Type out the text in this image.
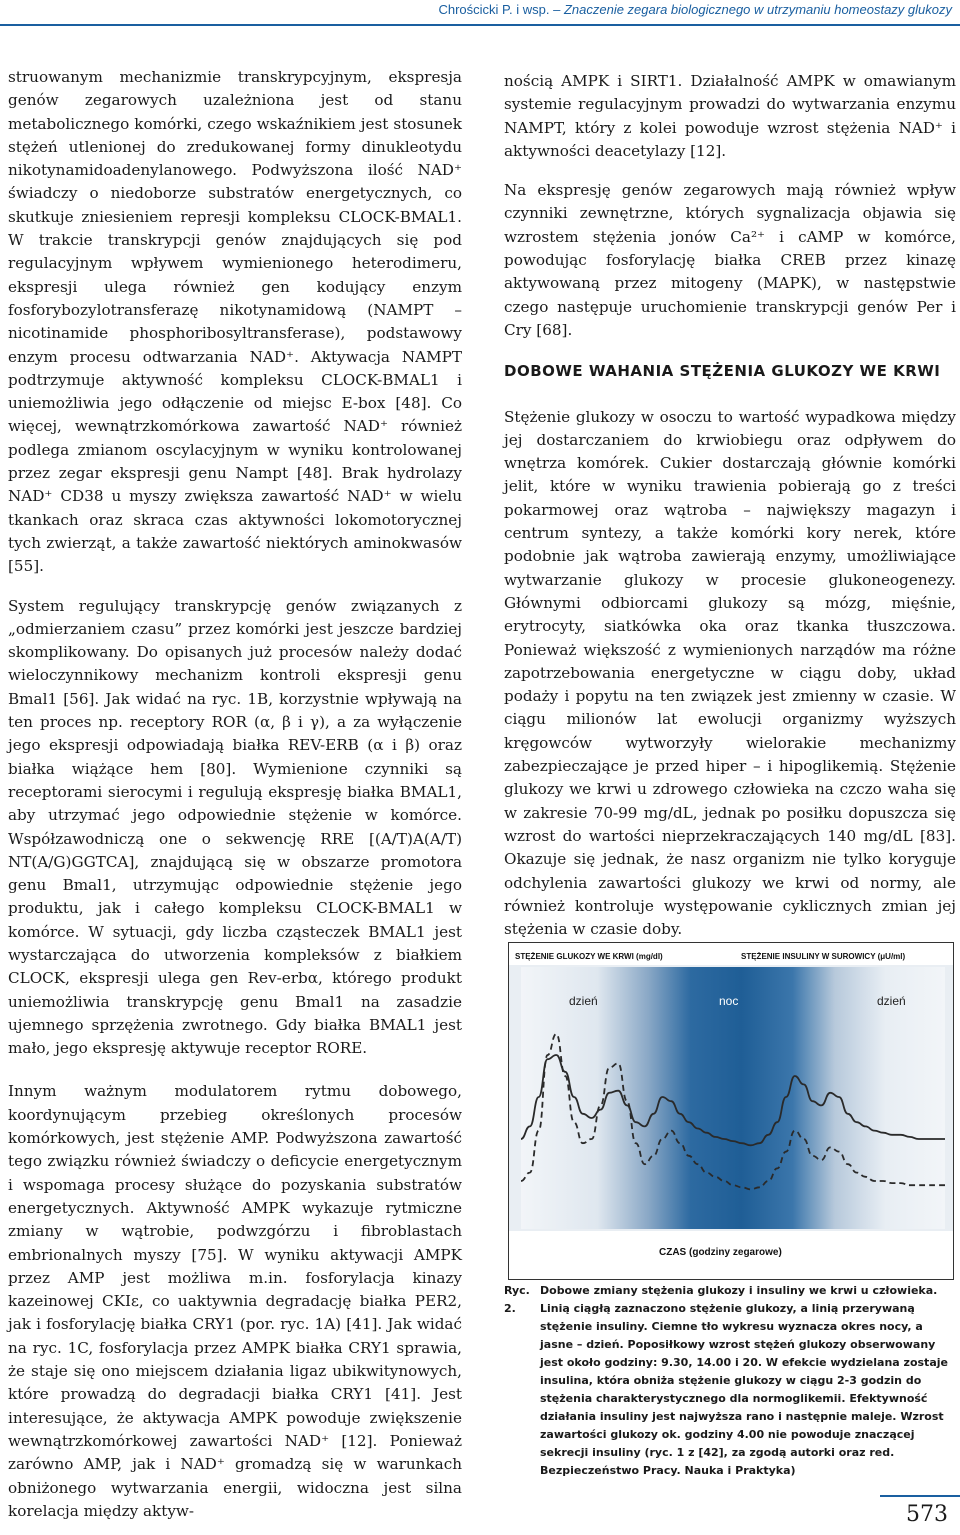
Chrościcki P. i wsp. – Znaczenie zegara biologicznego w utrzymaniu homeostazy glukozy

struowanym mechanizmie transkrypcyjnym, ekspresja genów zegarowych uzależniona jest od stanu metabolicznego komórki, czego wskaźnikiem jest stosunek stężeń utlenionej do zredukowanej formy dinukleotydu nikotynamidoadenylanowego. Podwyższona ilość NAD⁺ świadczy o niedoborze substratów energetycznych, co skutkuje zniesieniem represji kompleksu CLOCK-BMAL1. W trakcie transkrypcji genów znajdujących się pod regulacyjnym wpływem wymienionego heterodimeru, ekspresji ulega również gen kodujący enzym fosforybozylotransferazę nikotynamidową (NAMPT – nicotinamide phosphoribosyltransferase), podstawowy enzym procesu odtwarzania NAD⁺. Aktywacja NAMPT podtrzymuje aktywność kompleksu CLOCK-BMAL1 i uniemożliwia jego odłączenie od miejsc E-box [48]. Co więcej, wewnątrzkomórkowa zawartość NAD⁺ również podlega zmianom oscylacyjnym w wyniku kontrolowanej przez zegar ekspresji genu Nampt [48]. Brak hydrolazy NAD⁺ CD38 u myszy zwiększa zawartość NAD⁺ w wielu tkankach oraz skraca czas aktywności lokomotorycznej tych zwierząt, a także zawartość niektórych aminokwasów [55].

System regulujący transkrypcję genów związanych z „odmierzaniem czasu” przez komórki jest jeszcze bardziej skomplikowany. Do opisanych już procesów należy dodać wieloczynnikowy mechanizm kontroli ekspresji genu Bmal1 [56]. Jak widać na ryc. 1B, korzystnie wpływają na ten proces np. receptory ROR (α, β i γ), a za wyłączenie jego ekspresji odpowiadają białka REV-ERB (α i β) oraz białka wiążące hem [80]. Wymienione czynniki są receptorami sierocymi i regulują ekspresję białka BMAL1, aby utrzymać jego odpowiednie stężenie w komórce. Współzawodniczą one o sekwencję RRE [(A/T)A(A/T) NT(A/G)GGTCA], znajdującą się w obszarze promotora genu Bmal1, utrzymując odpowiednie stężenie jego produktu, jak i całego kompleksu CLOCK-BMAL1 w komórce. W sytuacji, gdy liczba cząsteczek BMAL1 jest wystarczająca do utworzenia kompleksów z białkiem CLOCK, ekspresji ulega gen Rev-erbα, którego produkt uniemożliwia transkrypcję genu Bmal1 na zasadzie ujemnego sprzężenia zwrotnego. Gdy białka BMAL1 jest mało, jego ekspresję aktywuje receptor RORE.

Innym ważnym modulatorem rytmu dobowego, koordynującym przebieg określonych procesów komórkowych, jest stężenie AMP. Podwyższona zawartość tego związku również świadczy o deficycie energetycznym i wspomaga procesy służące do pozyskania substratów energetycznych. Aktywność AMPK wykazuje rytmiczne zmiany w wątrobie, podwzgórzu i fibroblastach embrionalnych myszy [75]. W wyniku aktywacji AMPK przez AMP jest możliwa m.in. fosforylacja kinazy kazeinowej CKIε, co uaktywnia degradację białka PER2, jak i fosforylację białka CRY1 (por. ryc. 1A) [41]. Jak widać na ryc. 1C, fosforylacja przez AMPK białka CRY1 sprawia, że staje się ono miejscem działania ligaz ubikwitynowych, które prowadzą do degradacji białka CRY1 [41]. Jest interesujące, że aktywacja AMPK powoduje zwiększenie wewnątrzkomórkowej zawartości NAD⁺ [12]. Ponieważ zarówno AMP, jak i NAD⁺ gromadzą się w warunkach obniżonego wytwarzania energii, widoczna jest silna korelacja między aktyw-

nością AMPK i SIRT1. Działalność AMPK w omawianym systemie regulacyjnym prowadzi do wytwarzania enzymu NAMPT, który z kolei powoduje wzrost stężenia NAD⁺ i aktywności deacetylazy [12].

Na ekspresję genów zegarowych mają również wpływ czynniki zewnętrzne, których sygnalizacja objawia się wzrostem stężenia jonów Ca²⁺ i cAMP w komórce, powodując fosforylację białka CREB przez kinazę aktywowaną przez mitogeny (MAPK), w następstwie czego następuje uruchomienie transkrypcji genów Per i Cry [68].

DOBOWE WAHANIA STĘŻENIA GLUKOZY WE KRWI

Stężenie glukozy w osoczu to wartość wypadkowa między jej dostarczaniem do krwiobiegu oraz odpływem do wnętrza komórek. Cukier dostarczają głównie komórki jelit, które w wyniku trawienia pobierają go z treści pokarmowej oraz wątroba – największy magazyn i centrum syntezy, a także komórki kory nerek, które podobnie jak wątroba zawierają enzymy, umożliwiające wytwarzanie glukozy w procesie glukoneogenezy. Głównymi odbiorcami glukozy są mózg, mięśnie, erytrocyty, siatkówka oka oraz tkanka tłuszczowa. Ponieważ większość z wymienionych narządów ma różne zapotrzebowania energetyczne w ciągu doby, układ podaży i popytu na ten związek jest zmienny w czasie. W ciągu milionów lat ewolucji organizmy wyższych kręgowców wytworzyły wielorakie mechanizmy zabezpieczające je przed hiper – i hipoglikemią. Stężenie glukozy we krwi u zdrowego człowieka na czczo waha się w zakresie 70-99 mg/dL, jednak po posiłku dopuszcza się wzrost do wartości nieprzekraczających 140 mg/dL [83]. Okazuje się jednak, że nasz organizm nie tylko koryguje odchylenia zawartości glukozy we krwi od normy, ale również kontroluje występowanie cyklicznych zmian jej stężenia w czasie doby.

STĘŻENIE GLUKOZY WE KRWI (mg/dl)	STĘŻENIE INSULINY W SUROWICY (μU/ml)
dzień	noc	dzień
CZAS (godziny zegarowe)
Ryc. 2.
Dobowe zmiany stężenia glukozy i insuliny we krwi u człowieka. Linią ciągłą zaznaczono stężenie glukozy, a linią przerywaną stężenie insuliny. Ciemne tło wykresu wyznacza okres nocy, a jasne – dzień. Poposiłkowy wzrost stężeń glukozy obserwowany jest około godziny: 9.30, 14.00 i 20. W efekcie wydzielana zostaje insulina, która obniża stężenie glukozy w ciągu 2-3 godzin do stężenia charakterystycznego dla normoglikemii. Efektywność działania insuliny jest najwyższa rano i następnie maleje. Wzrost zawartości glukozy ok. godziny 4.00 nie powoduje znaczącej sekrecji insuliny (ryc. 1 z [42], za zgodą autorki oraz red. Bezpieczeństwo Pracy. Nauka i Praktyka)
573
